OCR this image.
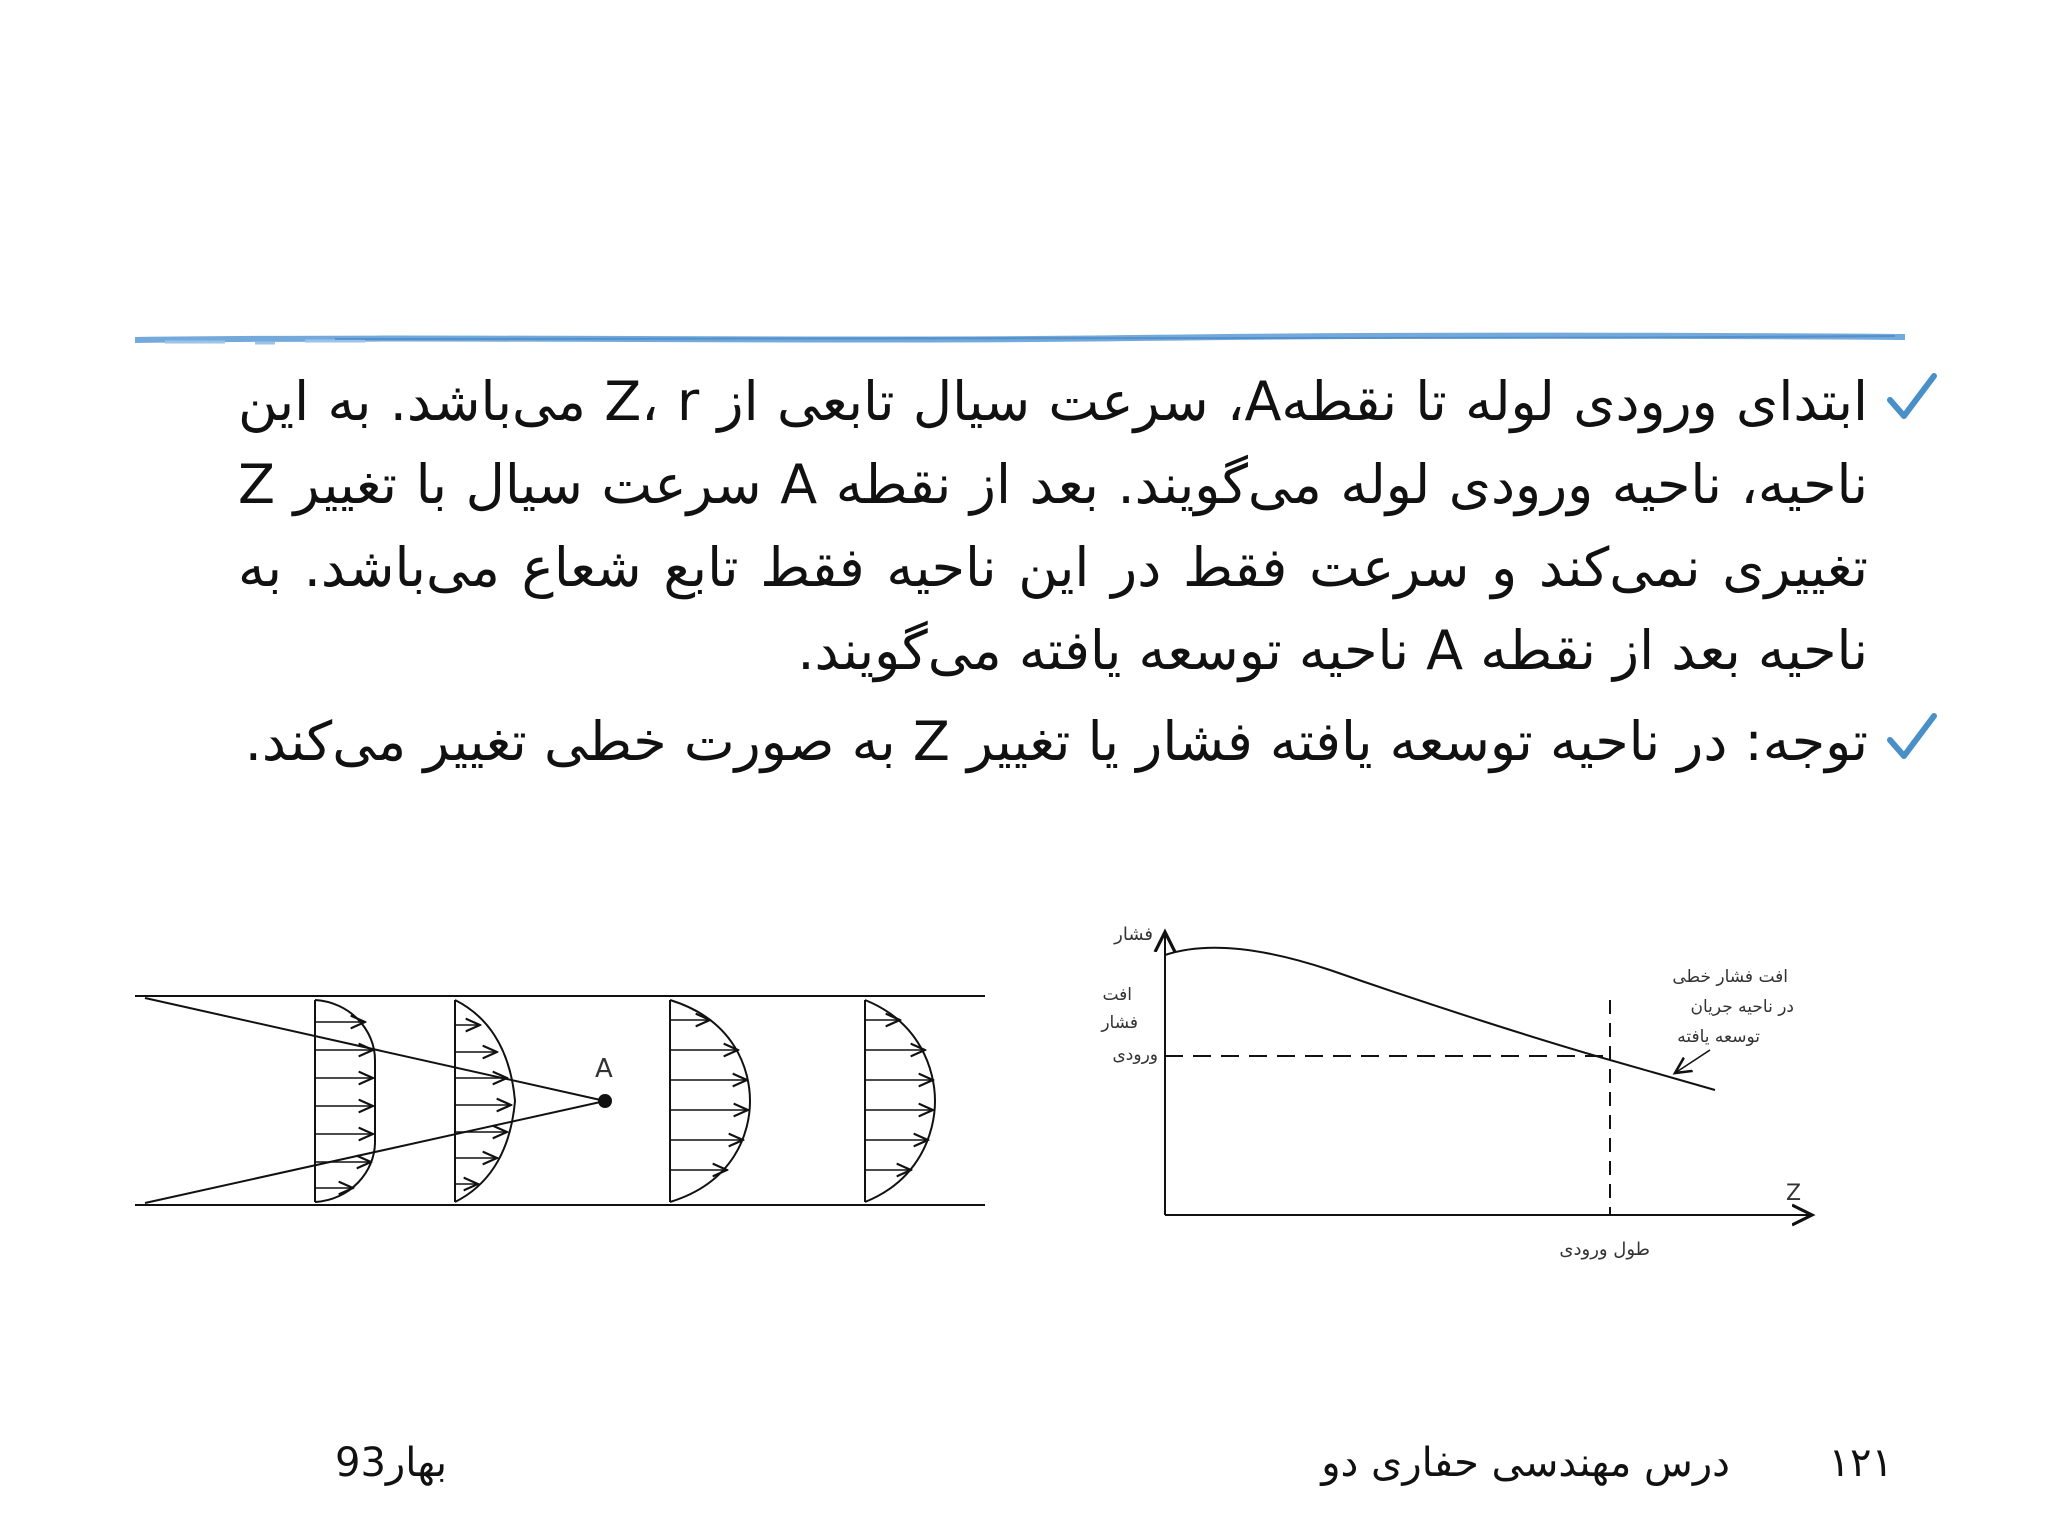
ابتدای ورودی لوله تا نقطهA، سرعت سیال تابعی از Z، r می‌باشد. به این ناحیه، ناحیه ورودی لوله می‌گویند. بعد از نقطه A سرعت سیال با تغییر Z تغییری نمی‌کند و سرعت فقط در این ناحیه فقط تابع شعاع می‌باشد. به ناحیه بعد از نقطه A ناحیه توسعه یافته می‌گویند.
توجه: در ناحیه توسعه یافته فشار یا تغییر Z به صورت خطی تغییر می‌کند.
A
فشار
افت
فشار
ورودی
افت فشار خطی
در ناحیه جریان
توسعه یافته
طول ورودی
Z
۱۲۱
درس مهندسی حفاری دو
بهار93
